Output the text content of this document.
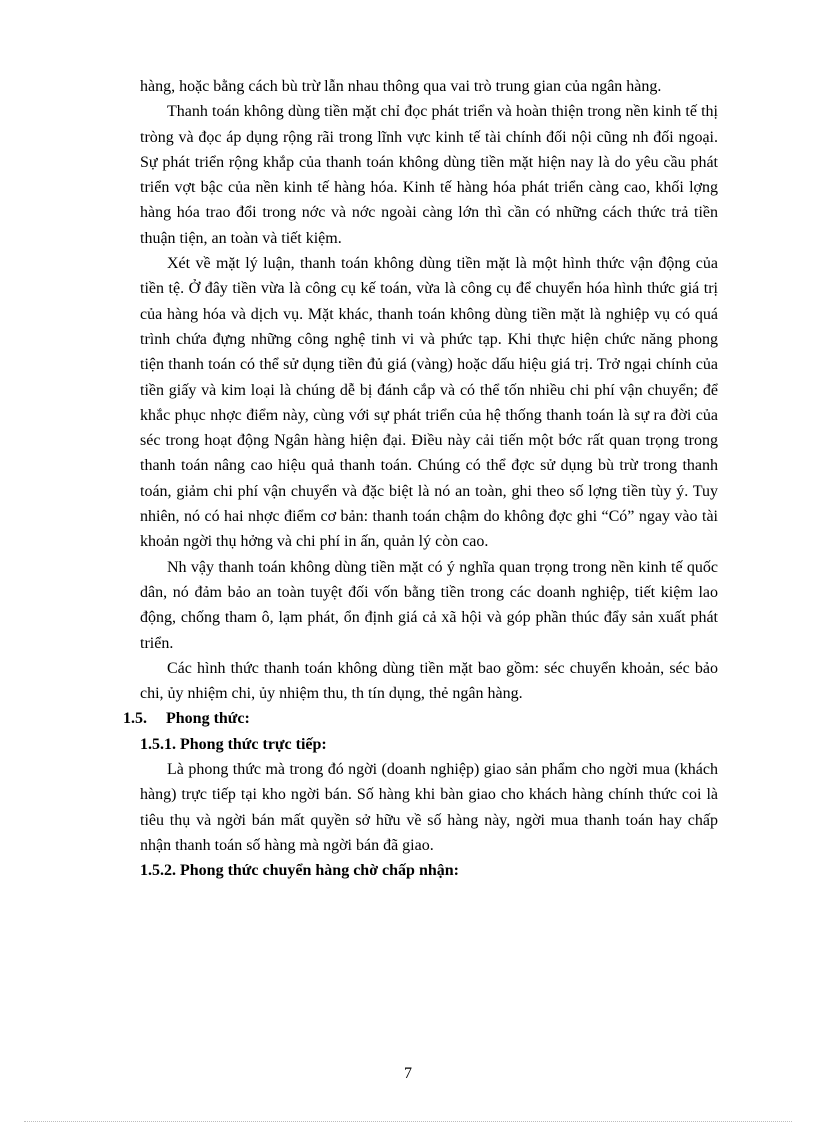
hàng, hoặc bằng cách bù trừ lẫn nhau thông qua vai trò trung gian của ngân hàng.

Thanh toán không dùng tiền mặt chỉ đọc phát triển và hoàn thiện trong nền kinh tế thị tròng và đọc áp dụng rộng rãi trong lĩnh vực kinh tế tài chính đối nội cũng nh đối ngoại. Sự phát triển rộng khắp của thanh toán không dùng tiền mặt hiện nay là do yêu cầu phát triển vợt bậc của nền kinh tế hàng hóa. Kinh tế hàng hóa phát triển càng cao, khối lợng hàng hóa trao đổi trong nớc và nớc ngoài càng lớn thì cần có những cách thức trả tiền thuận tiện, an toàn và tiết kiệm.

Xét về mặt lý luận, thanh toán không dùng tiền mặt là một hình thức vận động của tiền tệ. Ở đây tiền vừa là công cụ kế toán, vừa là công cụ để chuyển hóa hình thức giá trị của hàng hóa và dịch vụ. Mặt khác, thanh toán không dùng tiền mặt là nghiệp vụ có quá trình chứa đựng những công nghệ tinh vi và phức tạp. Khi thực hiện chức năng phong tiện thanh toán có thể sử dụng tiền đủ giá (vàng) hoặc dấu hiệu giá trị. Trở ngại chính của tiền giấy và kim loại là chúng dễ bị đánh cắp và có thể tốn nhiều chi phí vận chuyển; để khắc phục nhợc điểm này, cùng với sự phát triển của hệ thống thanh toán là sự ra đời của séc trong hoạt động Ngân hàng hiện đại. Điều này cải tiến một bớc rất quan trọng trong thanh toán nâng cao hiệu quả thanh toán. Chúng có thể đợc sử dụng bù trừ trong thanh toán, giảm chi phí vận chuyển và đặc biệt là nó an toàn, ghi theo số lợng tiền tùy ý. Tuy nhiên, nó có hai nhợc điểm cơ bản: thanh toán chậm do không đợc ghi “Có” ngay vào tài khoản ngời thụ hởng và chi phí in ấn, quản lý còn cao.

Nh vậy thanh toán không dùng tiền mặt có ý nghĩa quan trọng trong nền kinh tế quốc dân, nó đảm bảo an toàn tuyệt đối vốn bằng tiền trong các doanh nghiệp, tiết kiệm lao động, chống tham ô, lạm phát, ổn định giá cả xã hội và góp phần thúc đẩy sản xuất phát triển.

Các hình thức thanh toán không dùng tiền mặt bao gồm: séc chuyển khoản, séc bảo chi, ủy nhiệm chi, ủy nhiệm thu, th tín dụng, thẻ ngân hàng.

1.5. Phong thức:

1.5.1. Phong thức trực tiếp:

Là phong thức mà trong đó ngời (doanh nghiệp) giao sản phẩm cho ngời mua (khách hàng) trực tiếp tại kho ngời bán. Số hàng khi bàn giao cho khách hàng chính thức coi là tiêu thụ và ngời bán mất quyền sở hữu về số hàng này, ngời mua thanh toán hay chấp nhận thanh toán số hàng mà ngời bán đã giao.

1.5.2. Phong thức chuyển hàng chờ chấp nhận:

7
